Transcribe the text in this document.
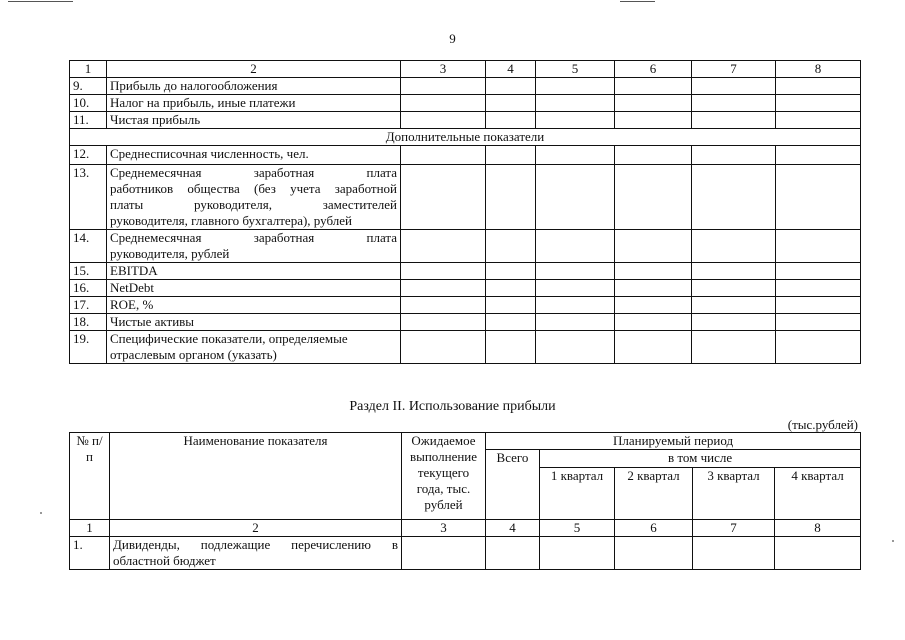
9
1	2	3	4	5	6	7	8
9.	Прибыль до налогообложения						
10.	Налог на прибыль, иные платежи						
11.	Чистая прибыль						
Дополнительные показатели							
12.	Среднесписочная численность, чел.						
13.	Среднемесячная заработная плата
работников общества (без учета заработной
платы руководителя, заместителей
руководителя, главного бухгалтера), рублей						

14.	Среднемесячная заработная плата
руководителя, рублей						

15.	EBITDA						
16.	NetDebt						
17.	ROE, %						
18.	Чистые активы						
19.	Специфические показатели, определяемые
отраслевым органом (указать)						

Раздел II. Использование прибыли
(тыс.рублей)
№ п/п	Наименование показателя	Ожидаемое выполнение текущего года, тыс. рублей	Планируемый период				
			Всего	в том числе			
				1 квартал	2 квартал	3 квартал	4 квартал
1	2	3	4	5	6	7	8
1.	Дивиденды, подлежащие перечислению в
областной бюджет						
